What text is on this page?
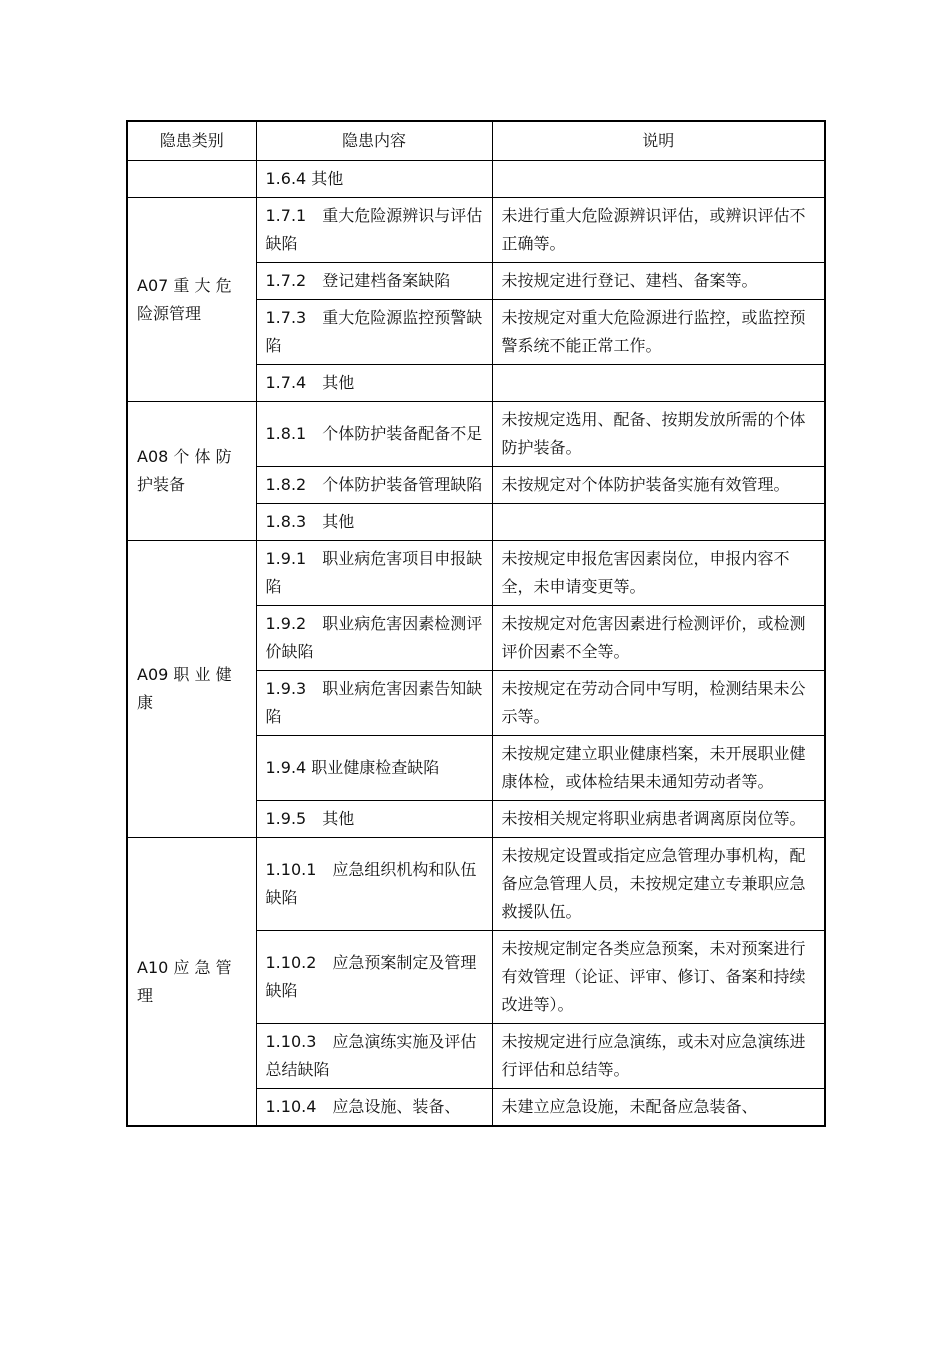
隐患类别	隐患内容	说明
	1.6.4 其他	
A07 重 大 危险源管理	1.7.1　重大危险源辨识与评估缺陷	未进行重大危险源辨识评估，或辨识评估不正确等。
	1.7.2　登记建档备案缺陷	未按规定进行登记、建档、备案等。
	1.7.3　重大危险源监控预警缺陷	未按规定对重大危险源进行监控，或监控预警系统不能正常工作。
	1.7.4　其他	
A08 个 体 防护装备	1.8.1　个体防护装备配备不足	未按规定选用、配备、按期发放所需的个体防护装备。
	1.8.2　个体防护装备管理缺陷	未按规定对个体防护装备实施有效管理。
	1.8.3　其他	
A09 职 业 健康	1.9.1　职业病危害项目申报缺陷	未按规定申报危害因素岗位，申报内容不全，未申请变更等。
	1.9.2　职业病危害因素检测评价缺陷	未按规定对危害因素进行检测评价，或检测评价因素不全等。
	1.9.3　职业病危害因素告知缺陷	未按规定在劳动合同中写明，检测结果未公示等。
	1.9.4 职业健康检查缺陷	未按规定建立职业健康档案，未开展职业健康体检，或体检结果未通知劳动者等。
	1.9.5　其他	未按相关规定将职业病患者调离原岗位等。
A10 应 急 管理	1.10.1　应急组织机构和队伍缺陷	未按规定设置或指定应急管理办事机构，配备应急管理人员，未按规定建立专兼职应急救援队伍。
	1.10.2　应急预案制定及管理缺陷	未按规定制定各类应急预案，未对预案进行有效管理（论证、评审、修订、备案和持续改进等）。
	1.10.3　应急演练实施及评估总结缺陷	未按规定进行应急演练，或未对应急演练进行评估和总结等。
	1.10.4　应急设施、装备、	未建立应急设施，未配备应急装备、
